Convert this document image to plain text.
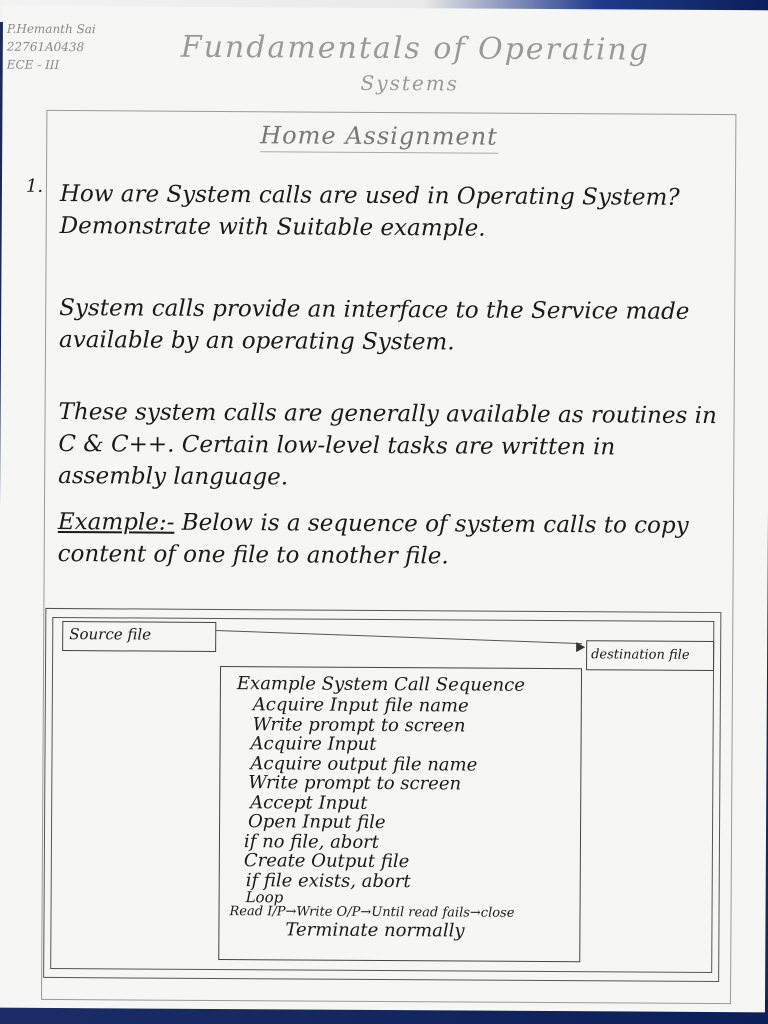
P.Hemanth Sai
22761A0438
ECE - III	Fundamentals of Operating
Systems
Home Assignment
1. How are System calls are used in Operating System? Demonstrate with Suitable example.
System calls provide an interface to the Service made available by an operating System.
These system calls are generally available as routines in C & C++. Certain low-level tasks are written in assembly language.
Example:- Below is a sequence of system calls to copy content of one file to another file.
Source file
destination file
Example System Call Sequence
Acquire Input file name
Write prompt to screen
Acquire Input
Acquire output file name
Write prompt to screen
Accept Input
Open Input file
if no file, abort
Create Output file
if file exists, abort
Loop
Read I/P→Write O/P→Until read fails→close
Terminate normally
